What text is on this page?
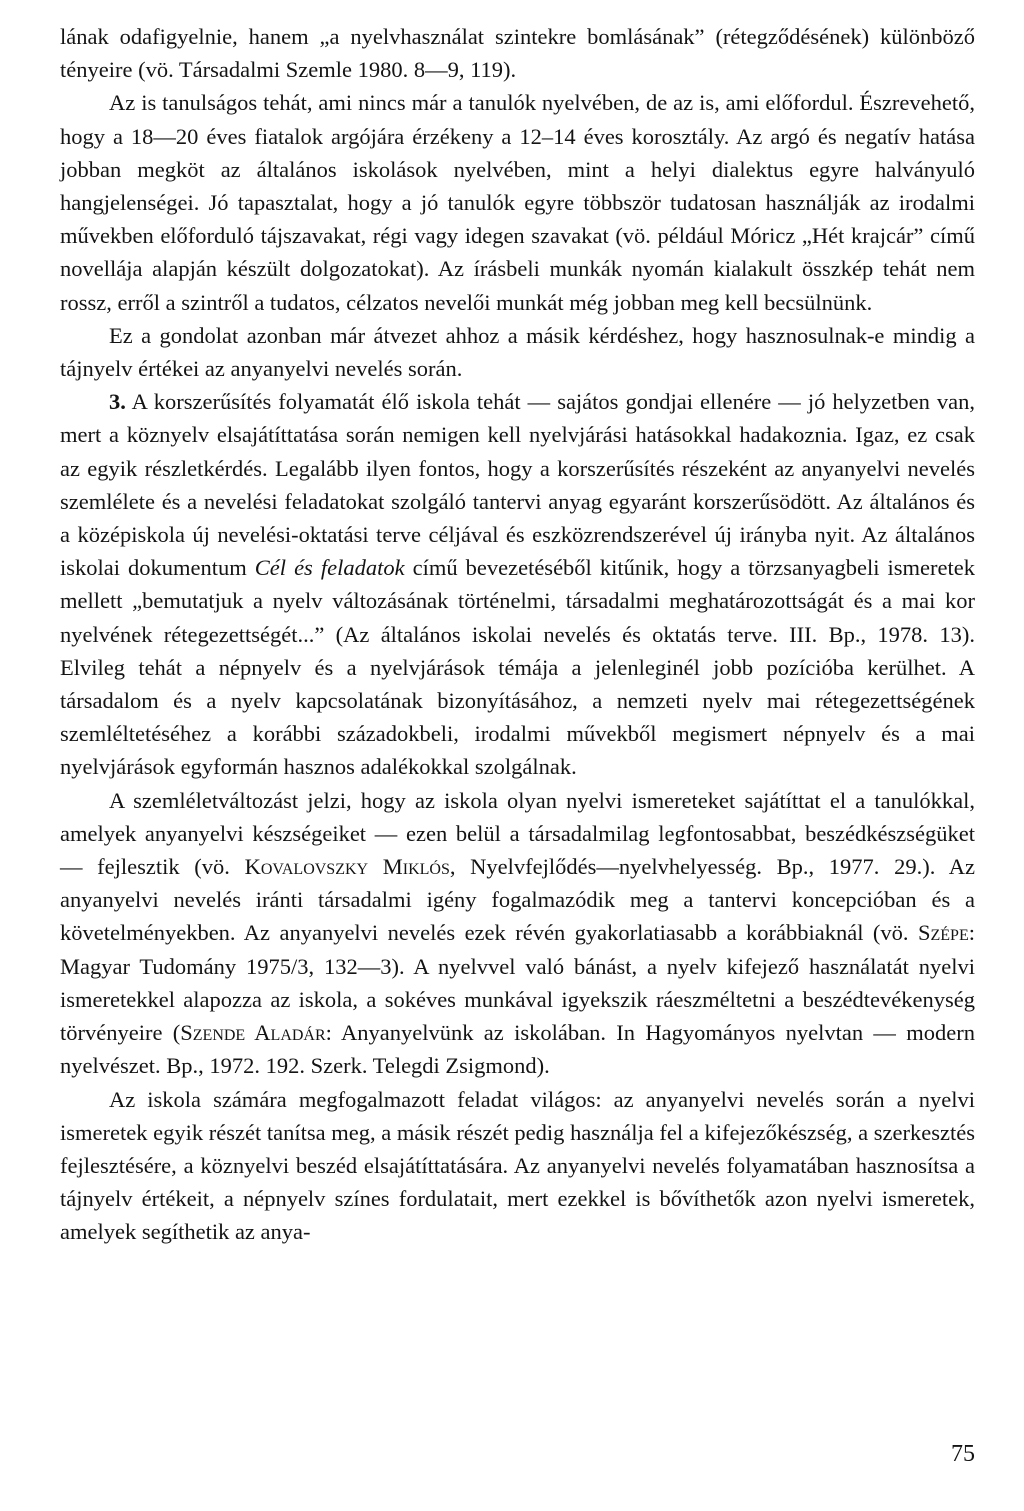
lának odafigyelnie, hanem „a nyelvhasználat szintekre bomlásának” (rétegződésének) különböző tényeire (vö. Társadalmi Szemle 1980. 8—9, 119).

Az is tanulságos tehát, ami nincs már a tanulók nyelvében, de az is, ami előfordul. Észrevehető, hogy a 18—20 éves fiatalok argójára érzékeny a 12–14 éves korosztály. Az argó és negatív hatása jobban megköt az általános iskolások nyelvében, mint a helyi dialektus egyre halványuló hangjelenségei. Jó tapasztalat, hogy a jó tanulók egyre többször tudatosan használják az irodalmi művekben előforduló tájszavakat, régi vagy idegen szavakat (vö. például Móricz „Hét krajcár” című novellája alapján készült dolgozatokat). Az írásbeli munkák nyomán kialakult összkép tehát nem rossz, erről a szintről a tudatos, célzatos nevelői munkát még jobban meg kell becsülnünk.

Ez a gondolat azonban már átvezet ahhoz a másik kérdéshez, hogy hasznosulnak-e mindig a tájnyelv értékei az anyanyelvi nevelés során.

3. A korszerűsítés folyamatát élő iskola tehát — sajátos gondjai ellenére — jó helyzetben van, mert a köznyelv elsajátíttatása során nemigen kell nyelvjárási hatásokkal hadakoznia. Igaz, ez csak az egyik részletkérdés. Legalább ilyen fontos, hogy a korszerűsítés részeként az anyanyelvi nevelés szemlélete és a nevelési feladatokat szolgáló tantervi anyag egyaránt korszerűsödött. Az általános és a középiskola új nevelési-oktatási terve céljával és eszközrendszerével új irányba nyit. Az általános iskolai dokumentum Cél és feladatok című bevezetéséből kitűnik, hogy a törzsanyagbeli ismeretek mellett „bemutatjuk a nyelv változásának történelmi, társadalmi meghatározottságát és a mai kor nyelvének rétegezettségét...” (Az általános iskolai nevelés és oktatás terve. III. Bp., 1978. 13). Elvileg tehát a népnyelv és a nyelvjárások témája a jelenleginél jobb pozícióba kerülhet. A társadalom és a nyelv kapcsolatának bizonyításához, a nemzeti nyelv mai rétegezettségének szemléltetéséhez a korábbi századokbeli, irodalmi művekből megismert népnyelv és a mai nyelvjárások egyformán hasznos adalékokkal szolgálnak.

A szemléletváltozást jelzi, hogy az iskola olyan nyelvi ismereteket sajátíttat el a tanulókkal, amelyek anyanyelvi készségeiket — ezen belül a társadalmilag legfontosabbat, beszédkészségüket — fejlesztik (vö. Kovalovszky Miklós, Nyelvfejlődés—nyelvhelyesség. Bp., 1977. 29.). Az anyanyelvi nevelés iránti társadalmi igény fogalmazódik meg a tantervi koncepcióban és a követelményekben. Az anyanyelvi nevelés ezek révén gyakorlatiasabb a korábbiaknál (vö. Szépe: Magyar Tudomány 1975/3, 132—3). A nyelvvel való bánást, a nyelv kifejező használatát nyelvi ismeretekkel alapozza az iskola, a sokéves munkával igyekszik ráeszméltetni a beszédtevékenység törvényeire (Szende Aladár: Anyanyelvünk az iskolában. In Hagyományos nyelvtan — modern nyelvészet. Bp., 1972. 192. Szerk. Telegdi Zsigmond).

Az iskola számára megfogalmazott feladat világos: az anyanyelvi nevelés során a nyelvi ismeretek egyik részét tanítsa meg, a másik részét pedig használja fel a kifejezőkészség, a szerkesztés fejlesztésére, a köznyelvi beszéd elsajátíttatására. Az anyanyelvi nevelés folyamatában hasznosítsa a tájnyelv értékeit, a népnyelv színes fordulatait, mert ezekkel is bővíthetők azon nyelvi ismeretek, amelyek segíthetik az anya-

75
